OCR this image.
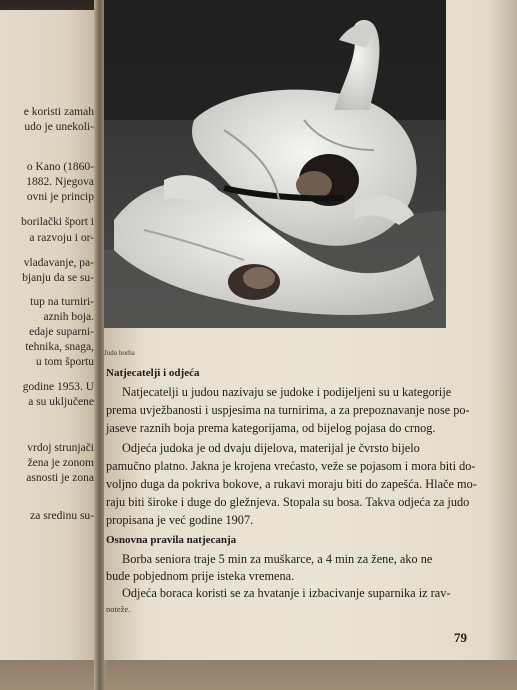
e koristi zamah
udo je unekoli-
o Kano (1860-
1882. Njegova
ovni je princip
borilački šport i
a razvoju i or-
vladavanje, pa-
bjanju da se su-
tup na turniri-
aznih boja.
edaje suparni-
tehnika, snaga,
u tom športu
godine 1953. U
a su uključene
vrdoj strunjači
žena je zonom
asnosti je zona
za sredinu su-
Judo borba
Natjecatelji i odjeća
Natjecatelji u judou nazivaju se judoke i podijeljeni su u kategorije
prema uvježbanosti i uspjesima na turnirima, a za prepoznavanje nose po-
jaseve raznih boja prema kategorijama, od bijelog pojasa do crnog.
Odjeća judoka je od dvaju dijelova, materijal je čvrsto bijelo
pamučno platno. Jakna je krojena vrećasto, veže se pojasom i mora biti do-
voljno duga da pokriva bokove, a rukavi moraju biti do zapešća. Hlače mo-
raju biti široke i duge do gležnjeva. Stopala su bosa. Takva odjeća za judo
propisana je već godine 1907.
Osnovna pravila natjecanja
Borba seniora traje 5 min za muškarce, a 4 min za žene, ako ne
bude pobjednom prije isteka vremena.
Odjeća boraca koristi se za hvatanje i izbacivanje suparnika iz rav-
noteže.
79
